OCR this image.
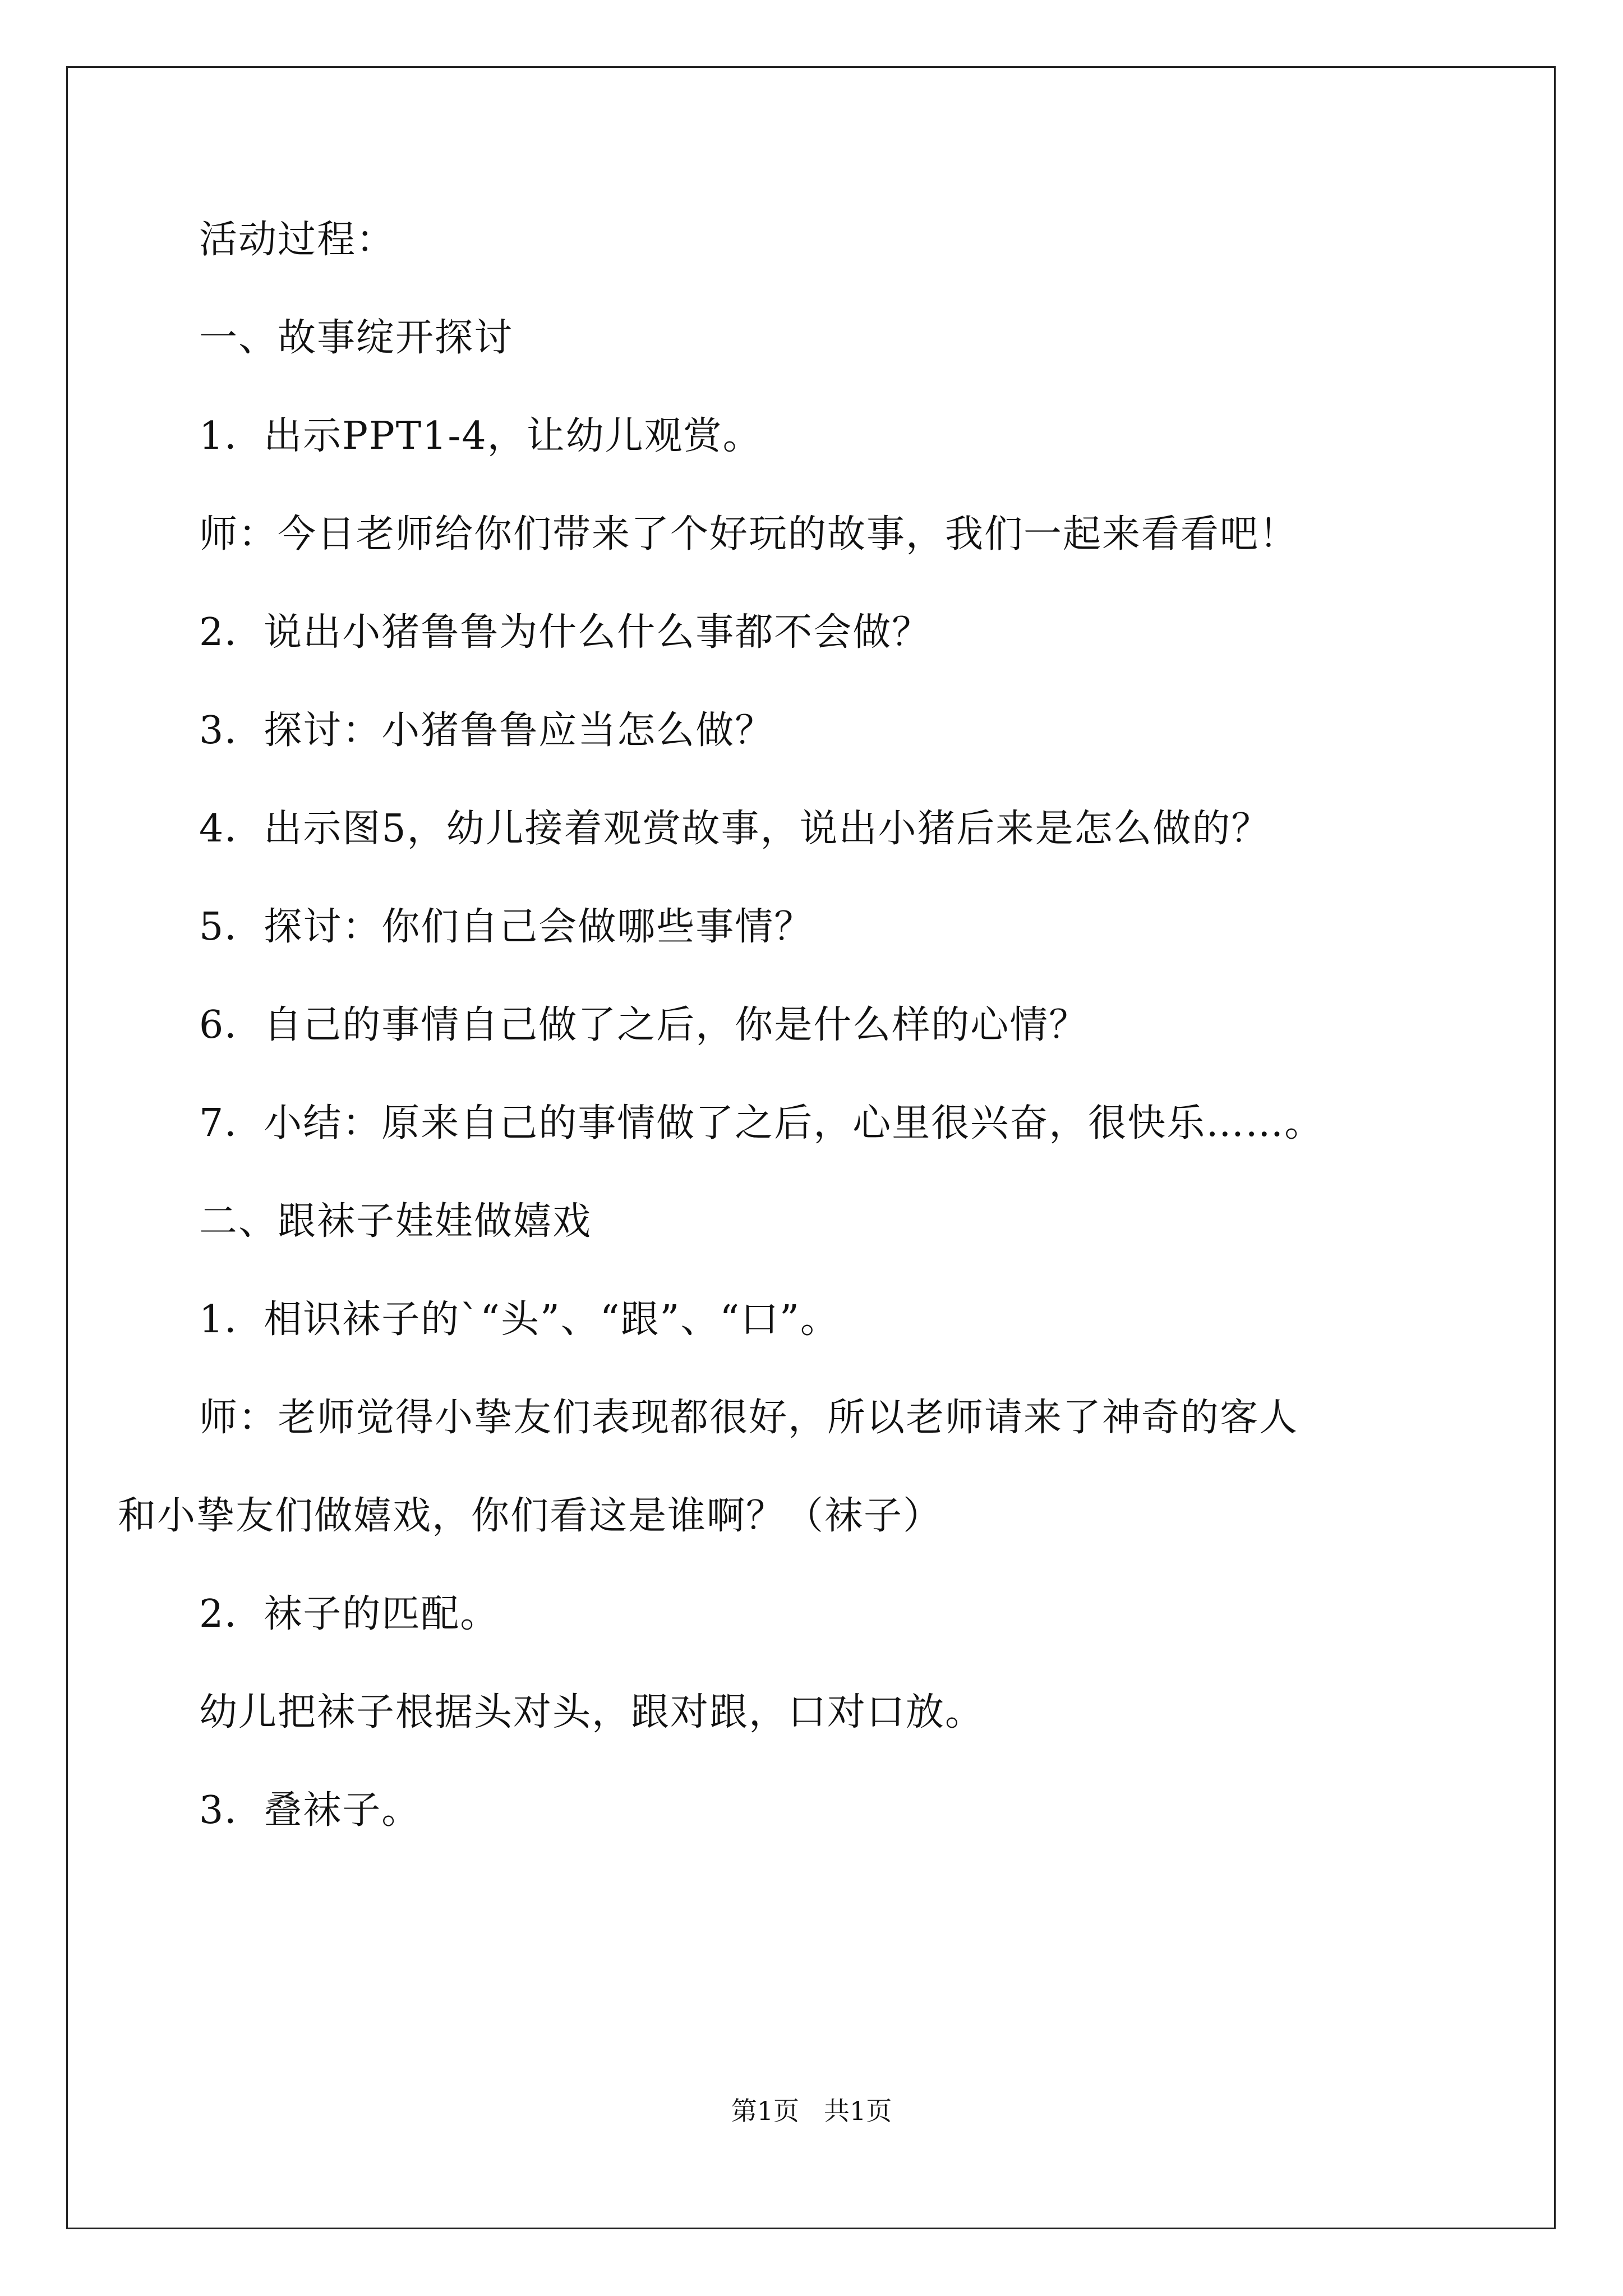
活动过程：

一、故事绽开探讨

1．出示PPT1-4，让幼儿观赏。

师：今日老师给你们带来了个好玩的故事，我们一起来看看吧！

2．说出小猪鲁鲁为什么什么事都不会做？

3．探讨：小猪鲁鲁应当怎么做？

4．出示图5，幼儿接着观赏故事，说出小猪后来是怎么做的？

5．探讨：你们自己会做哪些事情？

6．自己的事情自己做了之后，你是什么样的心情？

7．小结：原来自己的事情做了之后，心里很兴奋，很快乐……。

二、跟袜子娃娃做嬉戏

1．相识袜子的`“头”、“跟”、“口”。

师：老师觉得小挚友们表现都很好，所以老师请来了神奇的客人

和小挚友们做嬉戏，你们看这是谁啊？（袜子）

2．袜子的匹配。

幼儿把袜子根据头对头，跟对跟，口对口放。

3．叠袜子。

第1页 共1页
